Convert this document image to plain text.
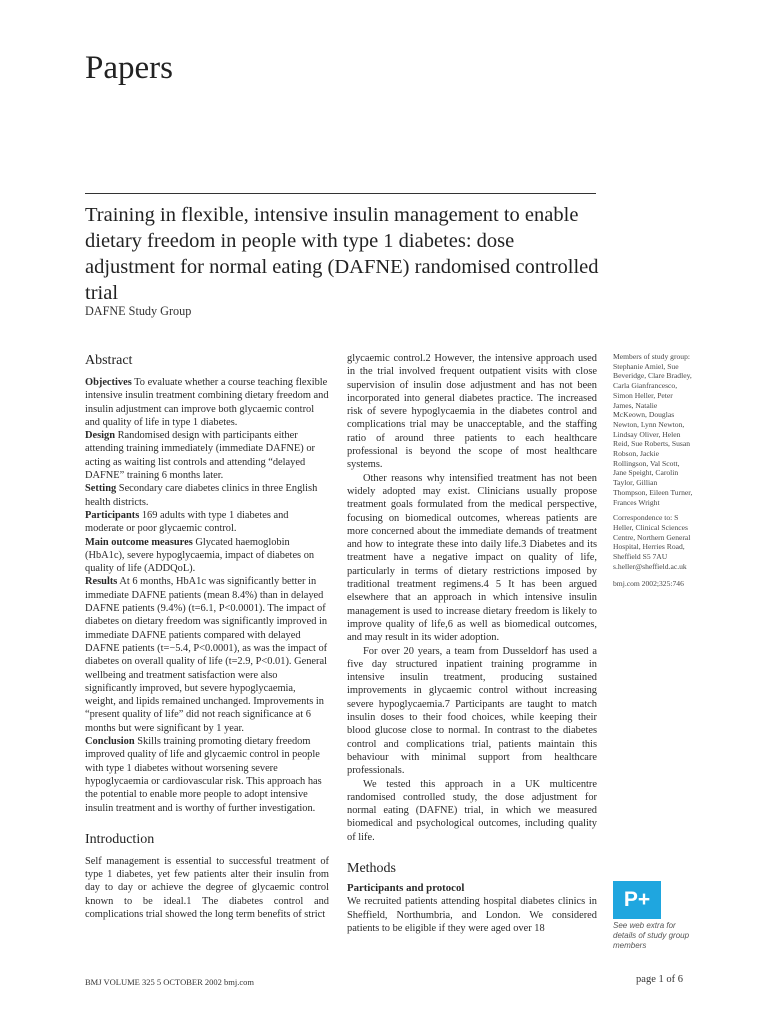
Papers
Training in flexible, intensive insulin management to enable dietary freedom in people with type 1 diabetes: dose adjustment for normal eating (DAFNE) randomised controlled trial
DAFNE Study Group
Abstract

Objectives To evaluate whether a course teaching flexible intensive insulin treatment combining dietary freedom and insulin adjustment can improve both glycaemic control and quality of life in type 1 diabetes.

Design Randomised design with participants either attending training immediately (immediate DAFNE) or acting as waiting list controls and attending “delayed DAFNE” training 6 months later.

Setting Secondary care diabetes clinics in three English health districts.

Participants 169 adults with type 1 diabetes and moderate or poor glycaemic control.

Main outcome measures Glycated haemoglobin (HbA1c), severe hypoglycaemia, impact of diabetes on quality of life (ADDQoL).

Results At 6 months, HbA1c was significantly better in immediate DAFNE patients (mean 8.4%) than in delayed DAFNE patients (9.4%) (t=6.1, P<0.0001). The impact of diabetes on dietary freedom was significantly improved in immediate DAFNE patients compared with delayed DAFNE patients (t=−5.4, P<0.0001), as was the impact of diabetes on overall quality of life (t=2.9, P<0.01). General wellbeing and treatment satisfaction were also significantly improved, but severe hypoglycaemia, weight, and lipids remained unchanged. Improvements in “present quality of life” did not reach significance at 6 months but were significant by 1 year.

Conclusion Skills training promoting dietary freedom improved quality of life and glycaemic control in people with type 1 diabetes without worsening severe hypoglycaemia or cardiovascular risk. This approach has the potential to enable more people to adopt intensive insulin treatment and is worthy of further investigation.

Introduction

Self management is essential to successful treatment of type 1 diabetes, yet few patients alter their insulin from day to day or achieve the degree of glycaemic control known to be ideal.1 The diabetes control and complications trial showed the long term benefits of strict

glycaemic control.2 However, the intensive approach used in the trial involved frequent outpatient visits with close supervision of insulin dose adjustment and has not been incorporated into general diabetes practice. The increased risk of severe hypoglycaemia in the diabetes control and complications trial may be unacceptable, and the staffing ratio of around three patients to each healthcare professional is beyond the scope of most healthcare systems.

Other reasons why intensified treatment has not been widely adopted may exist. Clinicians usually propose treatment goals formulated from the medical perspective, focusing on biomedical outcomes, whereas patients are more concerned about the immediate demands of treatment and how to integrate these into daily life.3 Diabetes and its treatment have a negative impact on quality of life, particularly in terms of dietary restrictions imposed by traditional treatment regimens.4 5 It has been argued elsewhere that an approach in which intensive insulin management is used to increase dietary freedom is likely to improve quality of life,6 as well as biomedical outcomes, and may result in its wider adoption.

For over 20 years, a team from Dusseldorf has used a five day structured inpatient training programme in intensive insulin treatment, producing sustained improvements in glycaemic control without increasing severe hypoglycaemia.7 Participants are taught to match insulin doses to their food choices, while keeping their blood glucose close to normal. In contrast to the diabetes control and complications trial, patients maintain this behaviour with minimal support from healthcare professionals.

We tested this approach in a UK multicentre randomised controlled study, the dose adjustment for normal eating (DAFNE) trial, in which we measured biomedical and psychological outcomes, including quality of life.

Methods
Participants and protocol

We recruited patients attending hospital diabetes clinics in Sheffield, Northumbria, and London. We considered patients to be eligible if they were aged over 18

Members of study group: Stephanie Amiel, Sue Beveridge, Clare Bradley, Carla Gianfrancesco, Simon Heller, Peter James, Natalie McKeown, Douglas Newton, Lynn Newton, Lindsay Oliver, Helen Reid, Sue Roberts, Susan Robson, Jackie Rollingson, Val Scott, Jane Speight, Carolin Taylor, Gillian Thompson, Eileen Turner, Frances Wright

Correspondence to: S Heller, Clinical Sciences Centre, Northern General Hospital, Herries Road, Sheffield S5 7AU s.heller@sheffield.ac.uk

bmj.com 2002;325:746

P+
See web extra for details of study group members
BMJ VOLUME 325 5 OCTOBER 2002 bmj.com	page 1 of 6
